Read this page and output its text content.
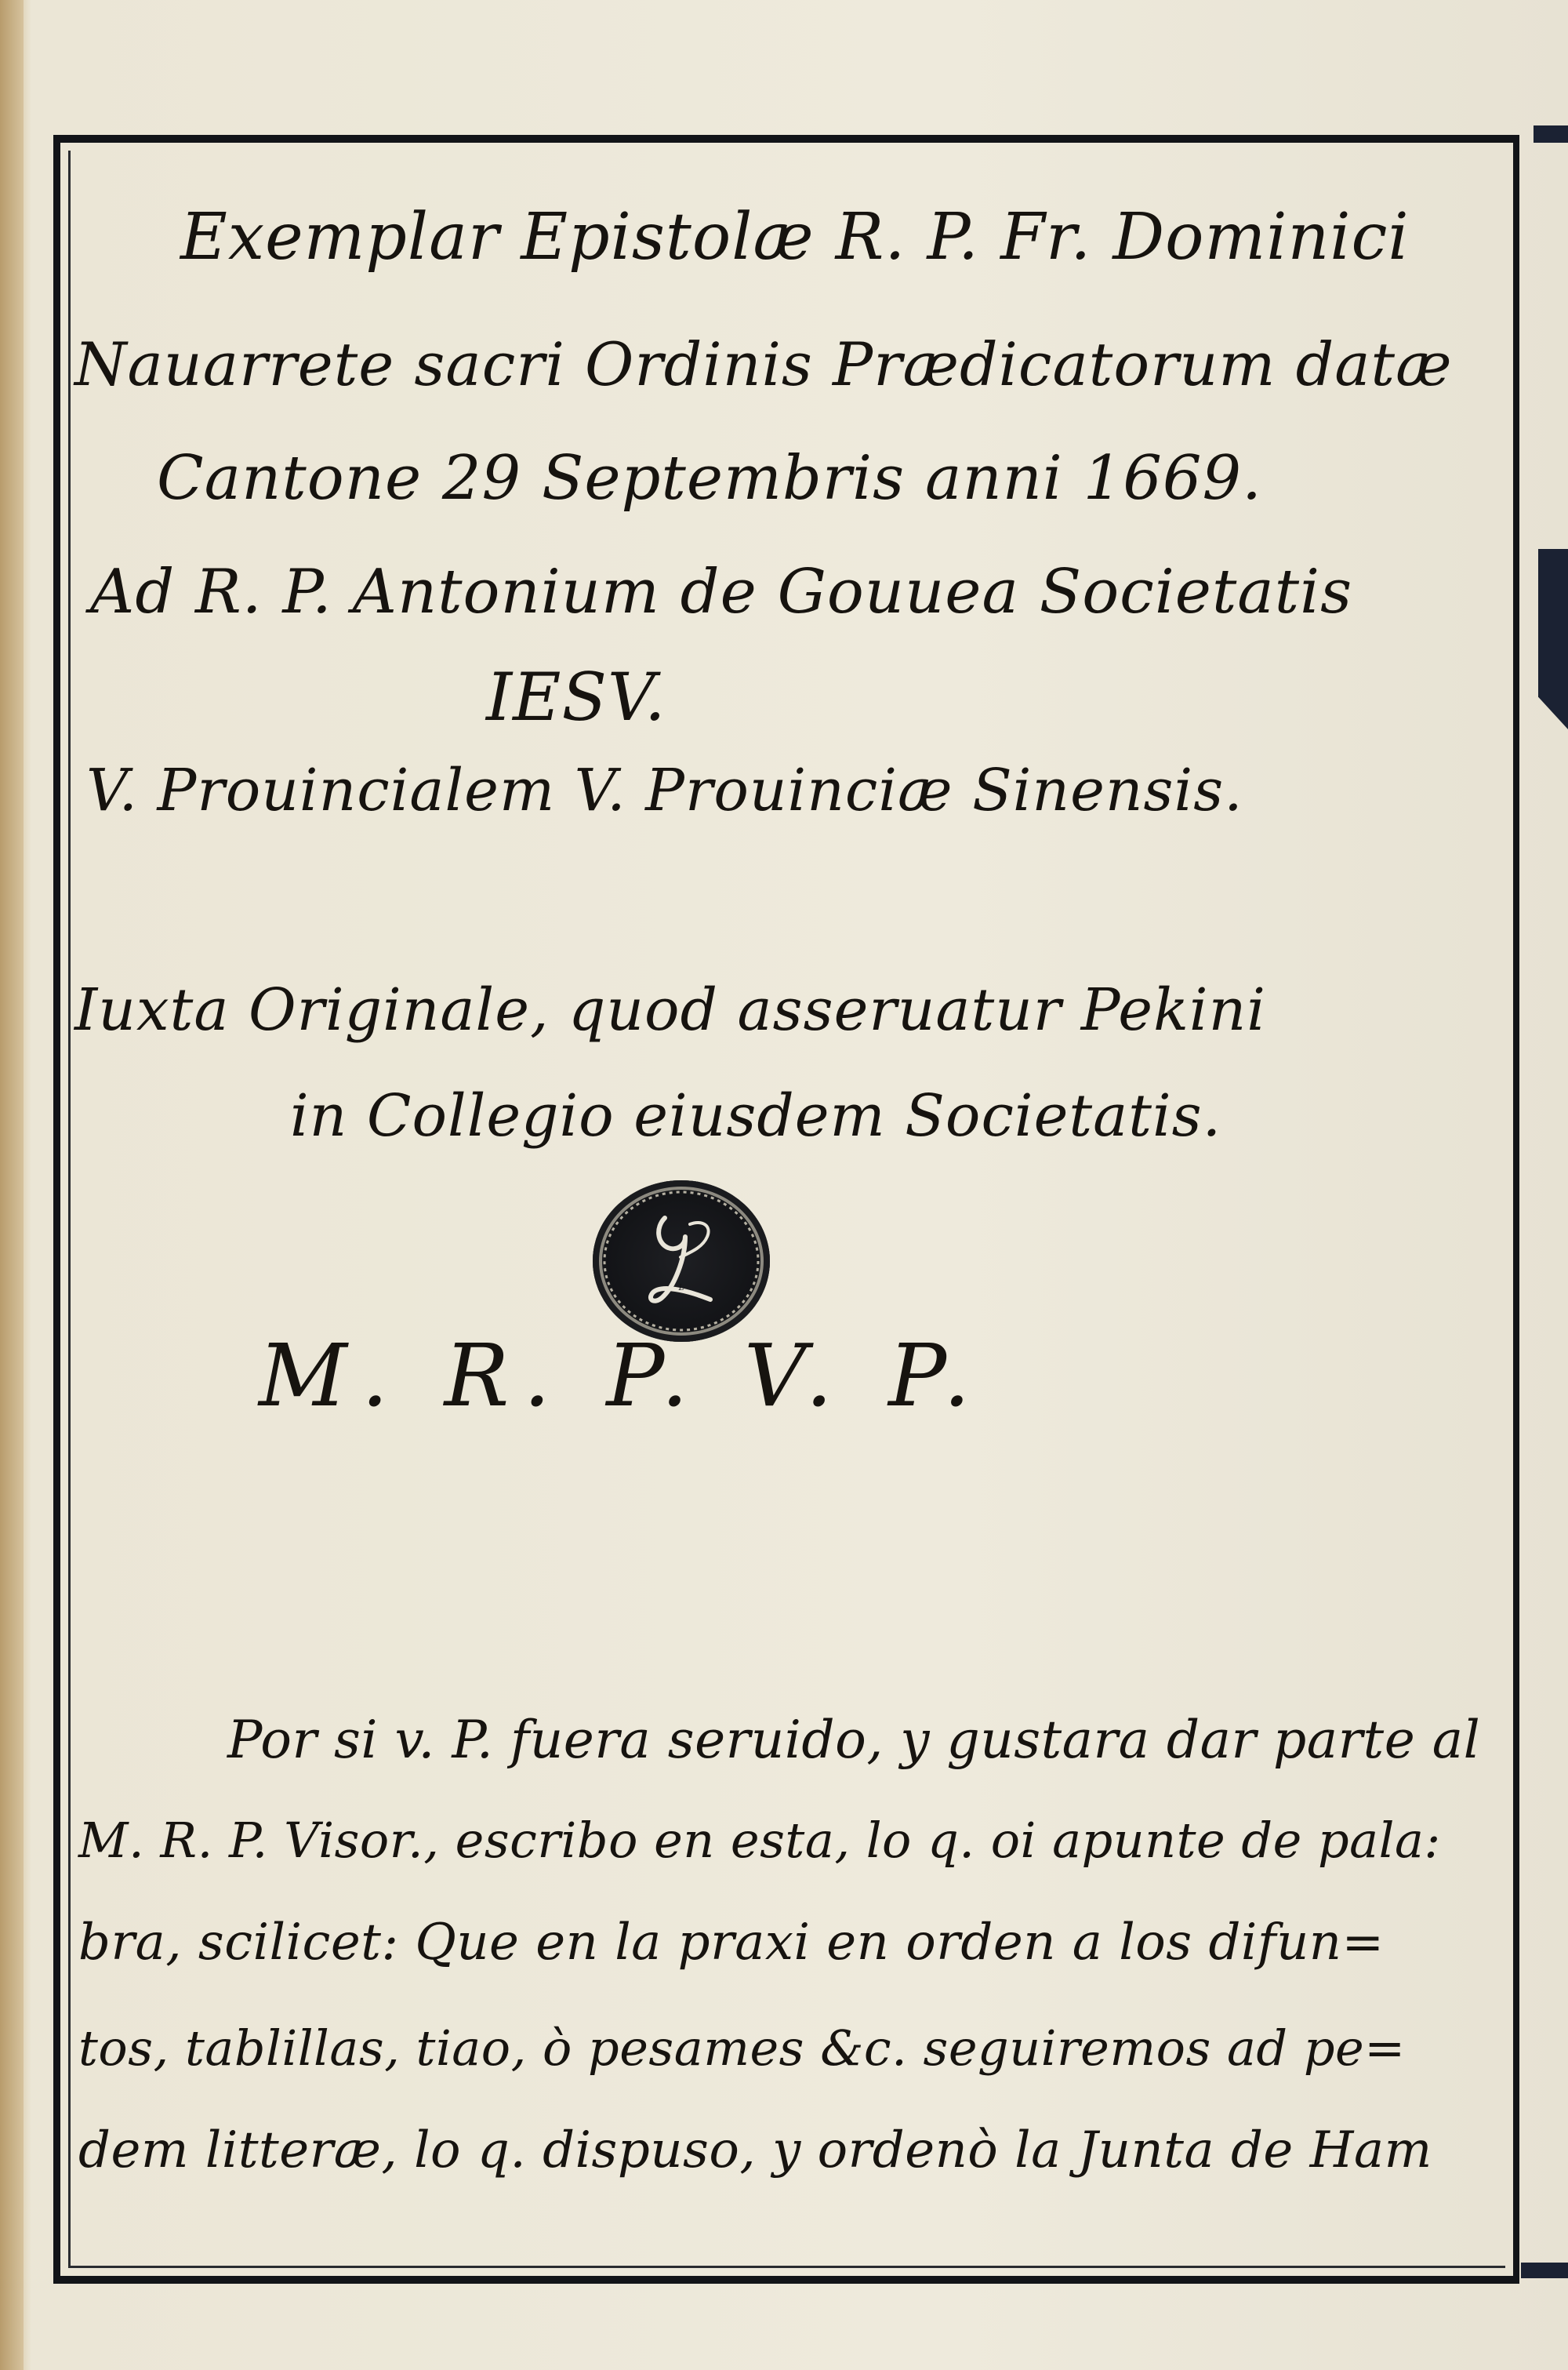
Exemplar Epistolæ R. P. Fr. Dominici
Nauarrete sacri Ordinis Prædicatorum datæ
Cantone 29 Septembris anni 1669.
Ad R. P. Antonium de Gouuea Societatis
IESV.
V. Prouincialem V. Prouinciæ Sinensis.
Iuxta Originale, quod asseruatur Pekini
in Collegio eiusdem Societatis.
L
M. R. P. V. P.
Por si v. P. fuera seruido, y gustara dar parte al
M. R. P. Visor., escribo en esta, lo q. oi apunte de pala:
bra, scilicet: Que en la praxi en orden a los difun=
tos, tablillas, tiao, ò pesames &c. seguiremos ad pe=
dem litteræ, lo q. dispuso, y ordenò la Junta de Ham
